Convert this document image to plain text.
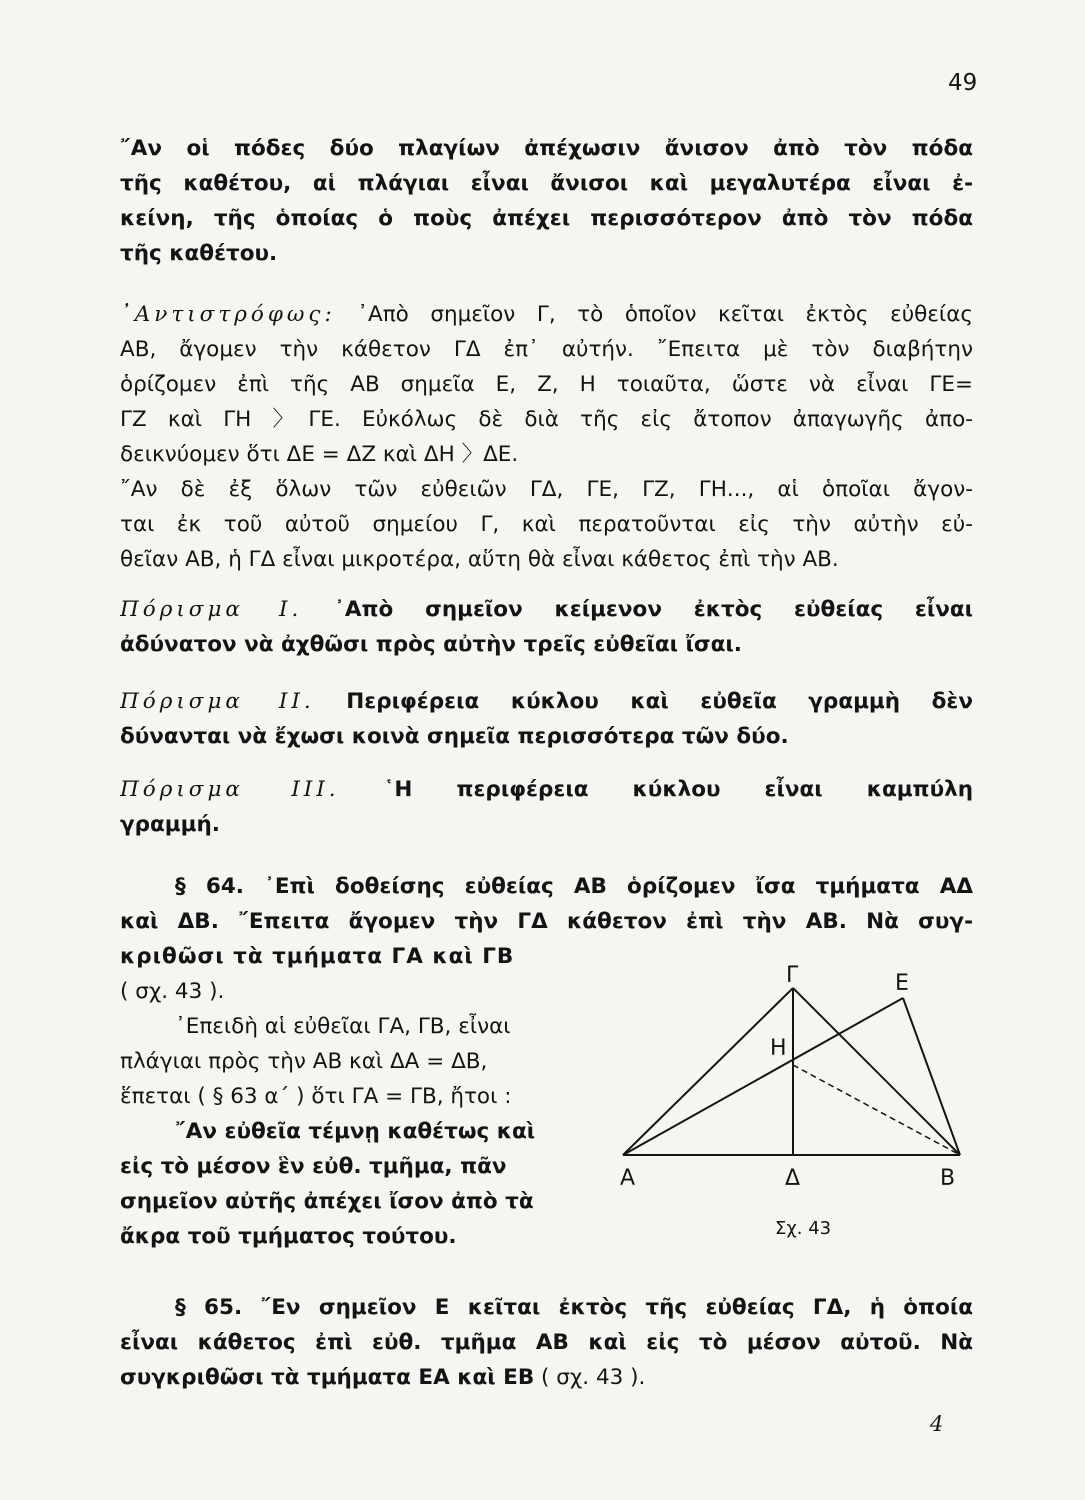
49
῎Αν οἱ πόδες δύο πλαγίων ἀπέχωσιν ἄνισον ἀπὸ τὸν πόδα
τῆς καθέτου, αἱ πλάγιαι εἶναι ἄνισοι καὶ μεγαλυτέρα εἶναι ἐ-
κείνη, τῆς ὁποίας ὁ ποὺς ἀπέχει περισσότερον ἀπὸ τὸν πόδα
τῆς καθέτου.
᾿Αντιστρόφως: ᾿Απὸ σημεῖον Γ, τὸ ὁποῖον κεῖται ἐκτὸς εὐθείας
ΑΒ, ἄγομεν τὴν κάθετον ΓΔ ἐπ᾿ αὐτήν. ῎Επειτα μὲ τὸν διαβήτην
ὁρίζομεν ἐπὶ τῆς ΑΒ σημεῖα Ε, Ζ, Η τοιαῦτα, ὥστε νὰ εἶναι ΓΕ=
ΓΖ καὶ ΓΗ 〉ΓΕ. Εὐκόλως δὲ διὰ τῆς εἰς ἄτοπον ἀπαγωγῆς ἀπο-
δεικνύομεν ὅτι ΔΕ = ΔΖ καὶ ΔΗ 〉ΔΕ.
῎Αν δὲ ἐξ ὅλων τῶν εὐθειῶν ΓΔ, ΓΕ, ΓΖ, ΓΗ..., αἱ ὁποῖαι ἄγον-
ται ἐκ τοῦ αὐτοῦ σημείου Γ, καὶ περατοῦνται εἰς τὴν αὐτὴν εὐ-
θεῖαν ΑΒ, ἡ ΓΔ εἶναι μικροτέρα, αὕτη θὰ εἶναι κάθετος ἐπὶ τὴν ΑΒ.
Πόρισμα Ι. ᾿Απὸ σημεῖον κείμενον ἐκτὸς εὐθείας εἶναι
ἀδύνατον νὰ ἀχθῶσι πρὸς αὐτὴν τρεῖς εὐθεῖαι ἴσαι.
Πόρισμα ΙΙ. Περιφέρεια κύκλου καὶ εὐθεῖα γραμμὴ δὲν
δύνανται νὰ ἔχωσι κοινὰ σημεῖα περισσότερα τῶν δύο.
Πόρισμα ΙΙΙ. ῾Η περιφέρεια κύκλου εἶναι καμπύλη
γραμμή.
§ 64. ᾿Επὶ δοθείσης εὐθείας ΑΒ ὁρίζομεν ἴσα τμήματα ΑΔ
καὶ ΔΒ. ῎Επειτα ἄγομεν τὴν ΓΔ κάθετον ἐπὶ τὴν ΑΒ. Νὰ συγ-
κριθῶσι τὰ τμήματα ΓΑ καὶ ΓΒ
( σχ. 43 ).
᾿Επειδὴ αἱ εὐθεῖαι ΓΑ, ΓΒ, εἶναι
πλάγιαι πρὸς τὴν ΑΒ καὶ ΔΑ = ΔΒ,
ἕπεται ( § 63 α΄ ) ὅτι ΓΑ = ΓΒ, ἤτοι :
῎Αν εὐθεῖα τέμνῃ καθέτως καὶ
εἰς τὸ μέσον ἓν εὐθ. τμῆμα, πᾶν
σημεῖον αὐτῆς ἀπέχει ἴσον ἀπὸ τὰ
ἄκρα τοῦ τμήματος τούτου.
Γ	Ε
Η
Α	Δ	Β
Σχ. 43
§ 65. ῎Εν σημεῖον Ε κεῖται ἐκτὸς τῆς εὐθείας ΓΔ, ἡ ὁποία
εἶναι κάθετος ἐπὶ εὐθ. τμῆμα ΑΒ καὶ εἰς τὸ μέσον αὐτοῦ. Νὰ
συγκριθῶσι τὰ τμήματα ΕΑ καὶ ΕΒ ( σχ. 43 ).
4
